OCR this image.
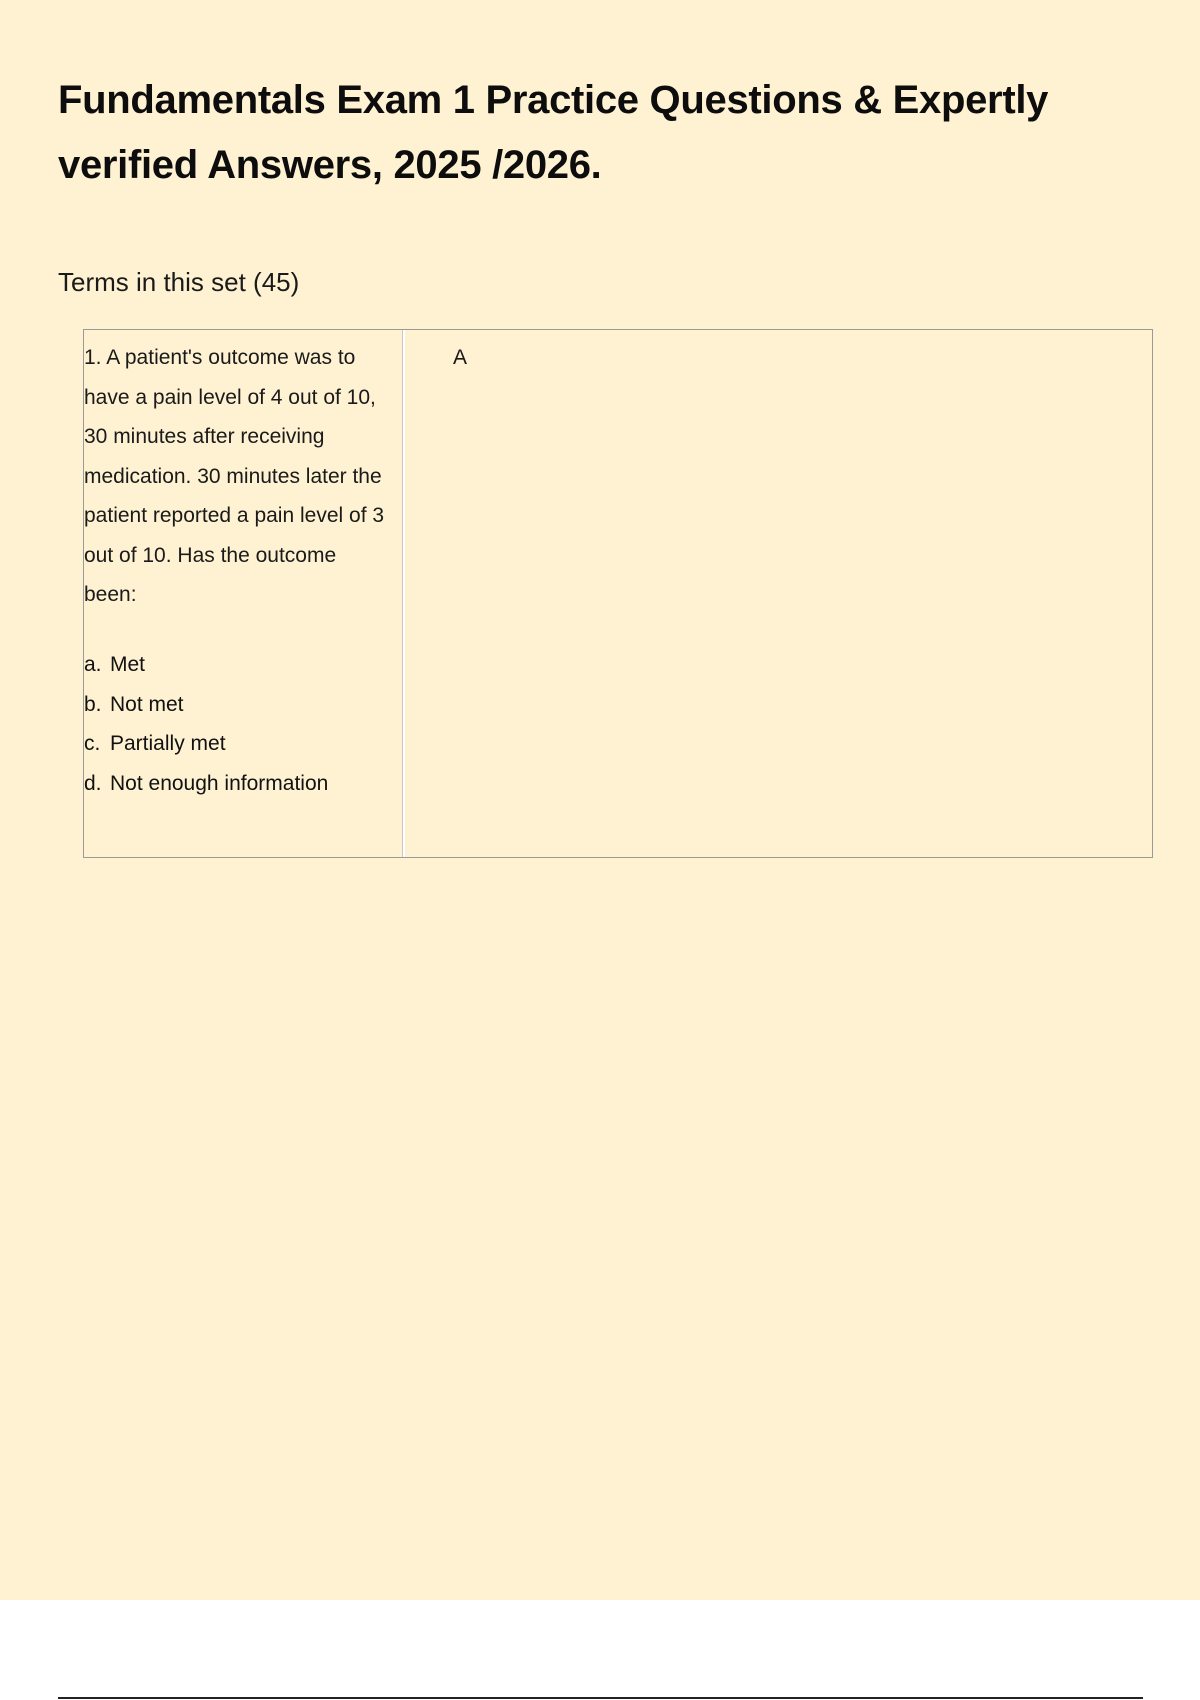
Fundamentals Exam 1 Practice Questions & Expertly verified Answers, 2025 /2026.
Terms in this set (45)

1. A patient's outcome was to have a pain level of 4 out of 10, 30 minutes after receiving medication. 30 minutes later the patient reported a pain level of 3 out of 10. Has the outcome been:

a. Met
b. Not met
c. Partially met
d. Not enough information
A
